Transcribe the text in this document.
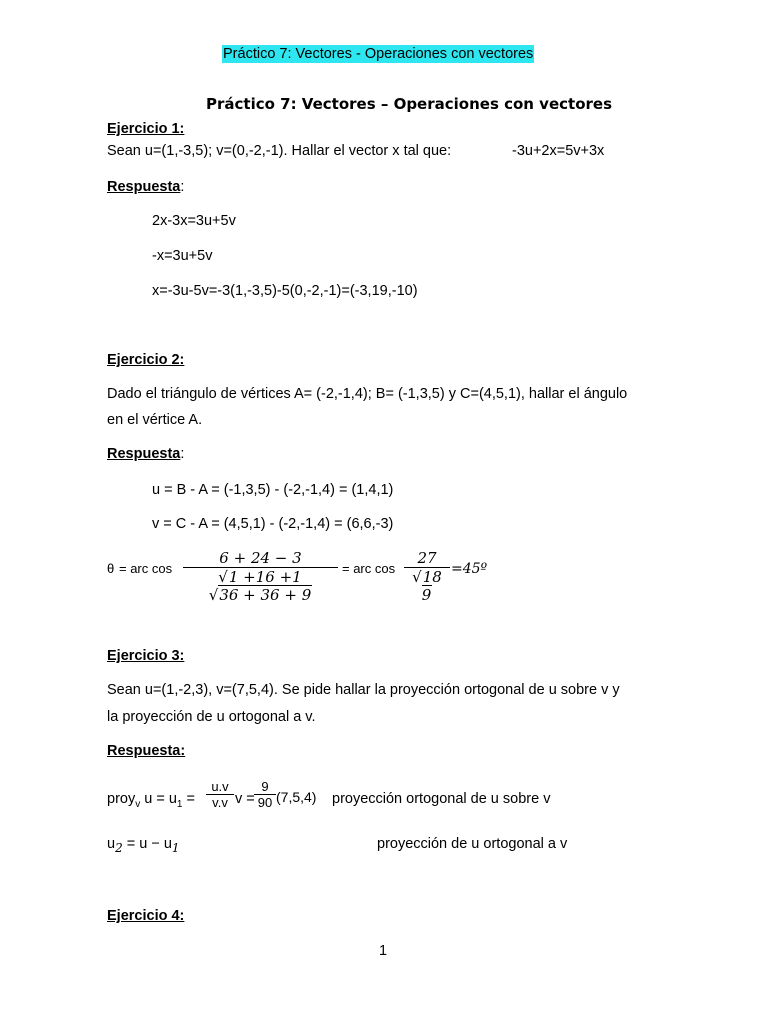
Práctico 7: Vectores - Operaciones con vectores
Práctico 7: Vectores – Operaciones con vectores
Ejercicio 1:
Sean u=(1,-3,5); v=(0,-2,-1). Hallar el vector x tal que:	-3u+2x=5v+3x
Respuesta:
2x-3x=3u+5v
-x=3u+5v
x=-3u-5v=-3(1,-3,5)-5(0,-2,-1)=(-3,19,-10)
Ejercicio 2:
Dado el triángulo de vértices A= (-2,-1,4); B= (-1,3,5) y C=(4,5,1), hallar el ángulo
en el vértice A.
Respuesta:
u = B - A = (-1,3,5) - (-2,-1,4) = (1,4,1)
v = C - A = (4,5,1) - (-2,-1,4) = (6,6,-3)
θ = arc cos
6 + 24 − 3
√1 +16 +1 √36 + 36 + 9
= arc cos
27
√18 9
=45º
Ejercicio 3:
Sean u=(1,-2,3), v=(7,5,4). Se pide hallar la proyección ortogonal de u sobre v y
la proyección de u ortogonal a v.
Respuesta:
proy$_v$ $u = u_1$ =
u.v
v.v v =
9
90 (7,5,4) proyección ortogonal de u sobre v
$u_2 = u - u_1$	proyección de u ortogonal a v
Ejercicio 4:
1
